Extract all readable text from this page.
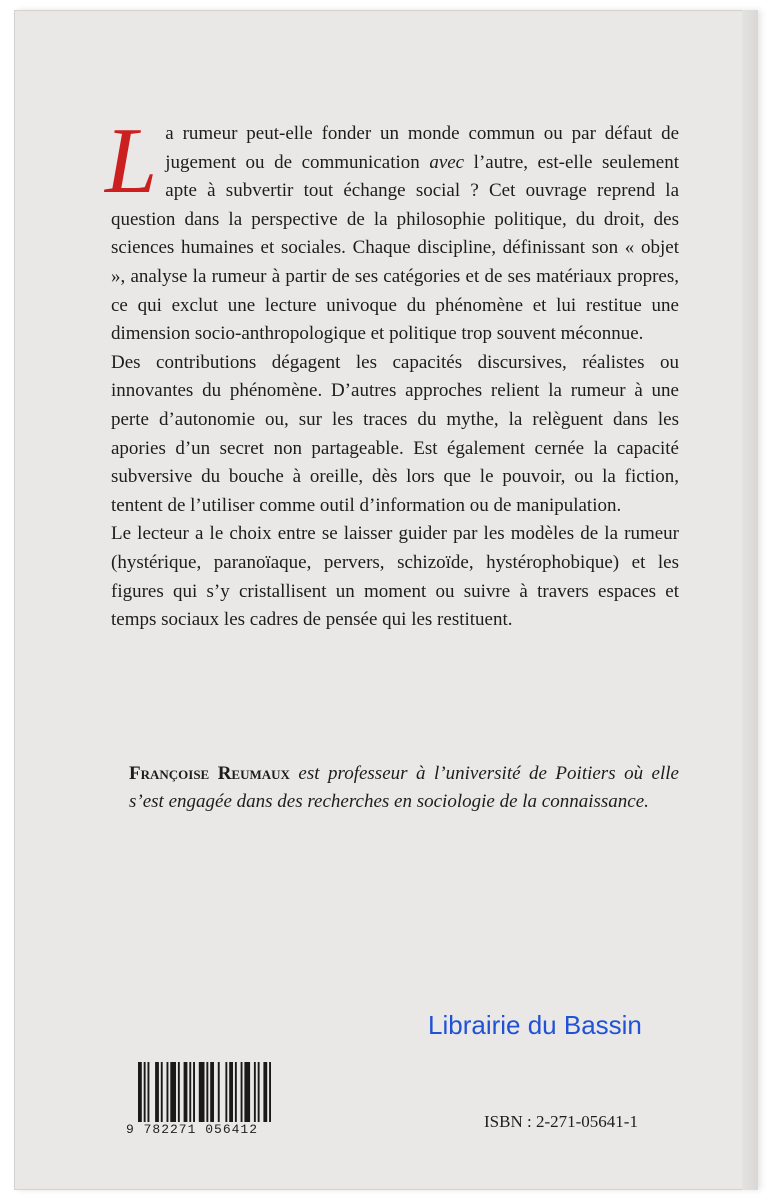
La rumeur peut-elle fonder un monde commun ou par défaut de jugement ou de communication avec l’autre, est-elle seulement apte à subvertir tout échange social ? Cet ouvrage reprend la question dans la perspective de la philosophie politique, du droit, des sciences humaines et sociales. Chaque discipline, définissant son « objet », analyse la rumeur à partir de ses catégories et de ses matériaux propres, ce qui exclut une lecture univoque du phénomène et lui restitue une dimension socio-anthropologique et politique trop souvent méconnue.

Des contributions dégagent les capacités discursives, réalistes ou innovantes du phénomène. D’autres approches relient la rumeur à une perte d’autonomie ou, sur les traces du mythe, la relèguent dans les apories d’un secret non partageable. Est également cernée la capacité subversive du bouche à oreille, dès lors que le pouvoir, ou la fiction, tentent de l’utiliser comme outil d’information ou de manipulation.

Le lecteur a le choix entre se laisser guider par les modèles de la rumeur (hystérique, paranoïaque, pervers, schizoïde, hystérophobique) et les figures qui s’y cristallisent un moment ou suivre à travers espaces et temps sociaux les cadres de pensée qui les restituent.

Françoise Reumaux est professeur à l’université de Poitiers où elle s’est engagée dans des recherches en sociologie de la connaissance.
Librairie du Bassin
9 782271 056412	ISBN : 2-271-05641-1
